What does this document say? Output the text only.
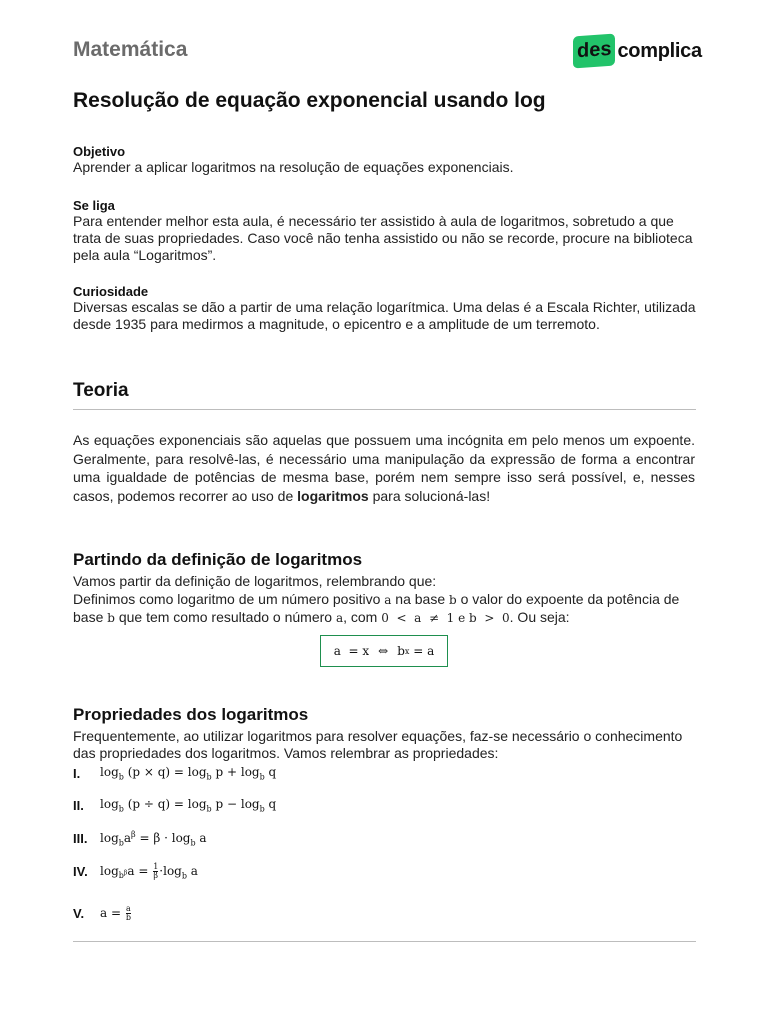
Matemática	des complica
Resolução de equação exponencial usando log
Objetivo
Aprender a aplicar logaritmos na resolução de equações exponenciais.
Se liga
Para entender melhor esta aula, é necessário ter assistido à aula de logaritmos, sobretudo a que
trata de suas propriedades. Caso você não tenha assistido ou não se recorde, procure na biblioteca
pela aula “Logaritmos”.
Curiosidade
Diversas escalas se dão a partir de uma relação logarítmica. Uma delas é a Escala Richter, utilizada
desde 1935 para medirmos a magnitude, o epicentro e a amplitude de um terremoto.
Teoria
As equações exponenciais são aquelas que possuem uma incógnita em pelo menos um expoente. Geralmente, para resolvê-las, é necessário uma manipulação da expressão de forma a encontrar uma igualdade de potências de mesma base, porém nem sempre isso será possível, e, nesses casos, podemos recorrer ao uso de logaritmos para solucioná-las!
Partindo da definição de logaritmos
Vamos partir da definição de logaritmos, relembrando que:
Definimos como logaritmo de um número positivo a na base b o valor do expoente da potência de
base b que tem como resultado o número a, com 0  <  a  ≠  1 e b  >  0. Ou seja:
a  = x ⇔ b x = a
Propriedades dos logaritmos
Frequentemente, ao utilizar logaritmos para resolver equações, faz-se necessário o conhecimento
das propriedades dos logaritmos. Vamos relembrar as propriedades:
I.	$\log_b (p \times q) = \log_b p + \log_b q$
II.	$\log_b (p \div q) = \log_b p - \log_b q$
III.	$\log_ba^\beta = \beta \cdot \log_b a$
IV.	$\log_{b^\beta}a = \frac{1}{\beta} \cdot\log_b$ a
V.	$a = \frac{a}{b}$
